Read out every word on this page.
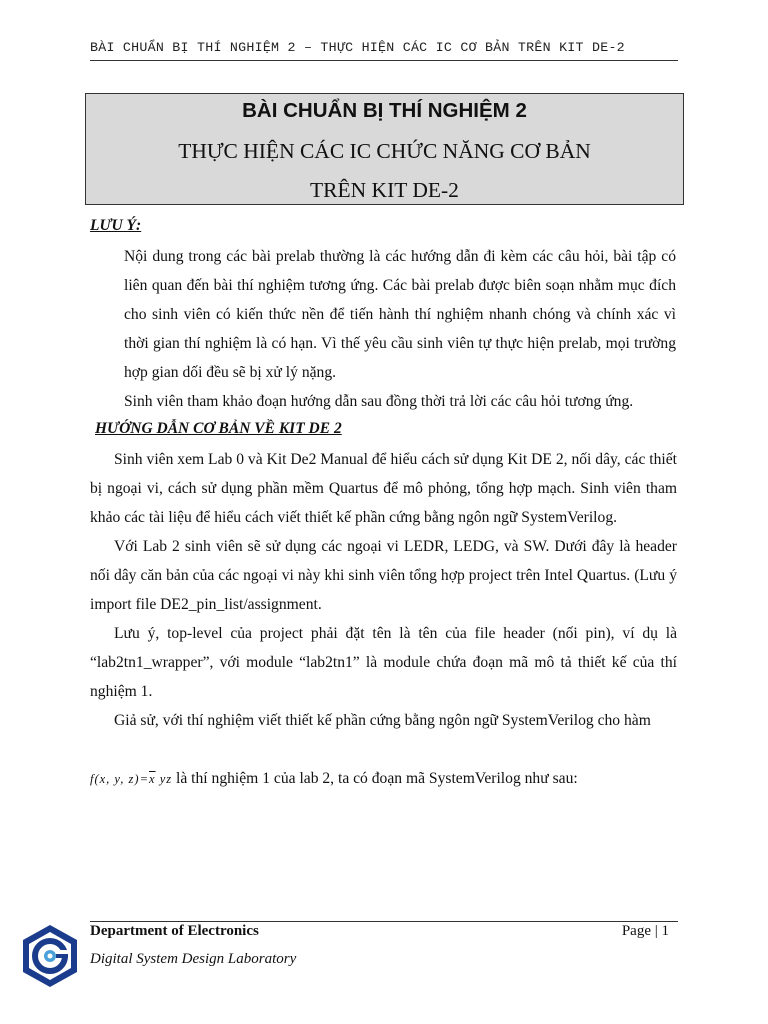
BÀI CHUẨN BỊ THÍ NGHIỆM 2 – THỰC HIỆN CÁC IC CƠ BẢN TRÊN KIT DE-2
BÀI CHUẨN BỊ THÍ NGHIỆM 2
THỰC HIỆN CÁC IC CHỨC NĂNG CƠ BẢN
TRÊN KIT DE-2
LƯU Ý:

Nội dung trong các bài prelab thường là các hướng dẫn đi kèm các câu hỏi, bài tập có liên quan đến bài thí nghiệm tương ứng. Các bài prelab được biên soạn nhằm mục đích cho sinh viên có kiến thức nền để tiến hành thí nghiệm nhanh chóng và chính xác vì thời gian thí nghiệm là có hạn. Vì thế yêu cầu sinh viên tự thực hiện prelab, mọi trường hợp gian dối đều sẽ bị xử lý nặng.

Sinh viên tham khảo đoạn hướng dẫn sau đồng thời trả lời các câu hỏi tương ứng.
HƯỚNG DẪN CƠ BẢN VỀ KIT DE 2

Sinh viên xem Lab 0 và Kit De2 Manual để hiểu cách sử dụng Kit DE 2, nối dây, các thiết bị ngoại vi, cách sử dụng phần mềm Quartus để mô phỏng, tổng hợp mạch. Sinh viên tham khảo các tài liệu để hiểu cách viết thiết kế phần cứng bằng ngôn ngữ SystemVerilog.

Với Lab 2 sinh viên sẽ sử dụng các ngoại vi LEDR, LEDG, và SW. Dưới đây là header nối dây căn bản của các ngoại vi này khi sinh viên tổng hợp project trên Intel Quartus. (Lưu ý import file DE2_pin_list/assignment.

Lưu ý, top-level của project phải đặt tên là tên của file header (nối pin), ví dụ là “lab2tn1_wrapper”, với module “lab2tn1” là module chứa đoạn mã mô tả thiết kế của thí nghiệm 1.

Giả sử, với thí nghiệm viết thiết kế phần cứng bằng ngôn ngữ SystemVerilog cho hàm

f(x, y, $z)=\overline{x}$ yz là thí nghiệm 1 của lab 2, ta có đoạn mã SystemVerilog như sau:
Department of Electronics	Page | 1
Digital System Design Laboratory
